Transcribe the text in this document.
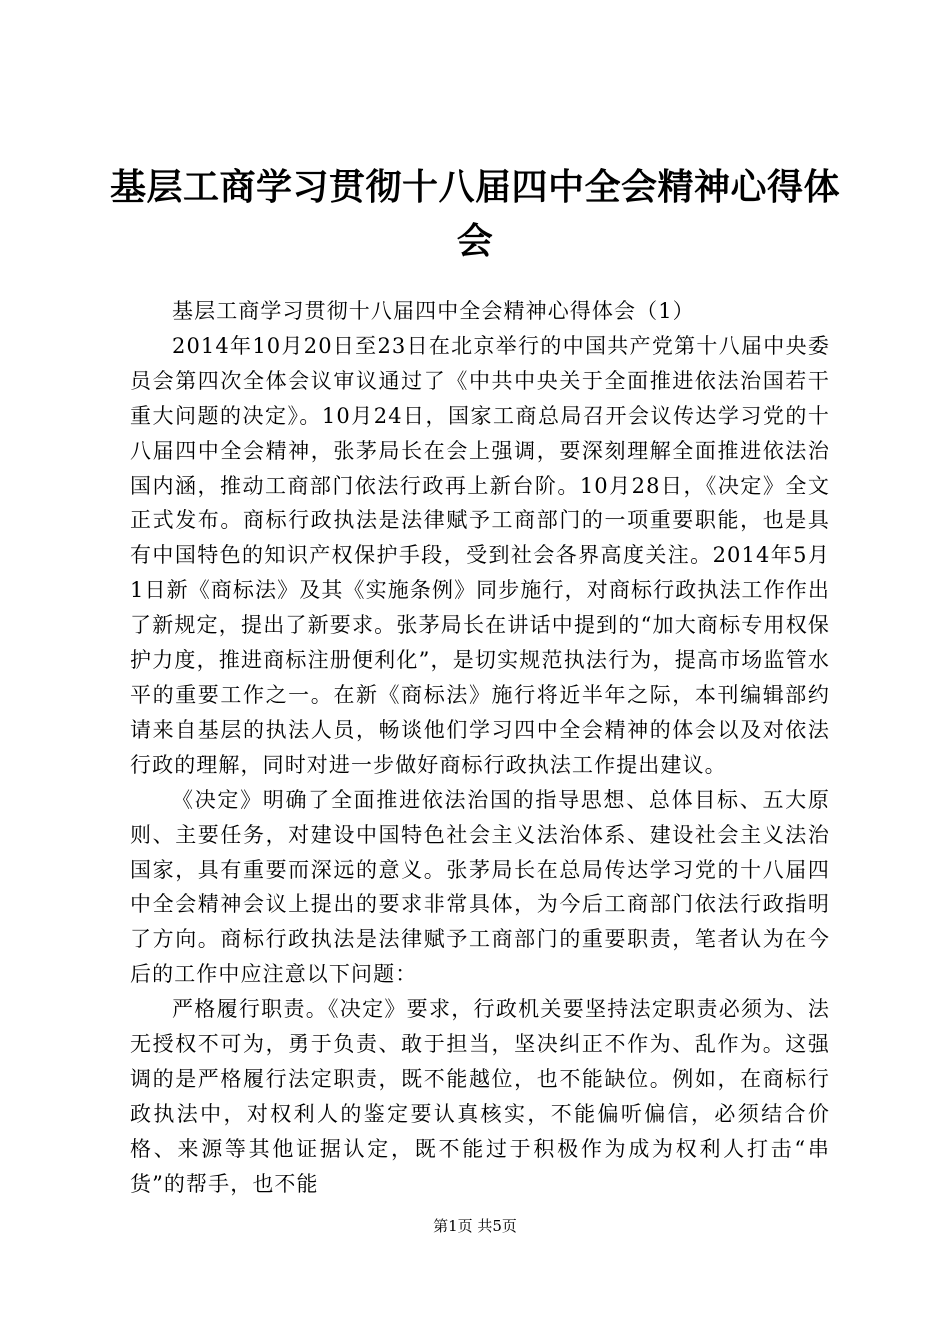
基层工商学习贯彻十八届四中全会精神心得体会

基层工商学习贯彻十八届四中全会精神心得体会（1）

2014年10月20日至23日在北京举行的中国共产党第十八届中央委员会第四次全体会议审议通过了《中共中央关于全面推进依法治国若干重大问题的决定》。10月24日，国家工商总局召开会议传达学习党的十八届四中全会精神，张茅局长在会上强调，要深刻理解全面推进依法治国内涵，推动工商部门依法行政再上新台阶。10月28日，《决定》全文正式发布。商标行政执法是法律赋予工商部门的一项重要职能，也是具有中国特色的知识产权保护手段，受到社会各界高度关注。2014年5月1日新《商标法》及其《实施条例》同步施行，对商标行政执法工作作出了新规定，提出了新要求。张茅局长在讲话中提到的“加大商标专用权保护力度，推进商标注册便利化”，是切实规范执法行为，提高市场监管水平的重要工作之一。在新《商标法》施行将近半年之际，本刊编辑部约请来自基层的执法人员，畅谈他们学习四中全会精神的体会以及对依法行政的理解，同时对进一步做好商标行政执法工作提出建议。

《决定》明确了全面推进依法治国的指导思想、总体目标、五大原则、主要任务，对建设中国特色社会主义法治体系、建设社会主义法治国家，具有重要而深远的意义。张茅局长在总局传达学习党的十八届四中全会精神会议上提出的要求非常具体，为今后工商部门依法行政指明了方向。商标行政执法是法律赋予工商部门的重要职责，笔者认为在今后的工作中应注意以下问题：

严格履行职责。《决定》要求，行政机关要坚持法定职责必须为、法无授权不可为，勇于负责、敢于担当，坚决纠正不作为、乱作为。这强调的是严格履行法定职责，既不能越位，也不能缺位。例如，在商标行政执法中，对权利人的鉴定要认真核实，不能偏听偏信，必须结合价格、来源等其他证据认定，既不能过于积极作为成为权利人打击“串货”的帮手，也不能

第1页 共5页
